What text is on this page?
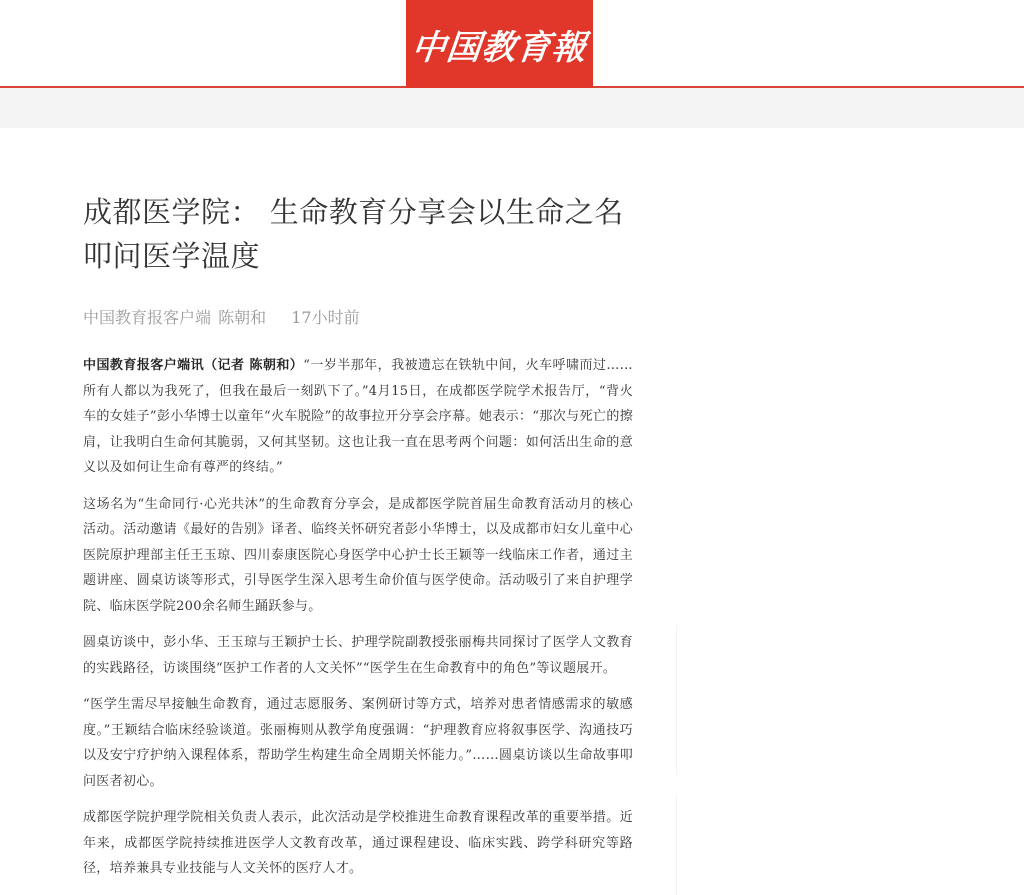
中国教育報
成都医学院： 生命教育分享会以生命之名叩问医学温度
中国教育报客户端 陈朝和 17小时前

中国教育报客户端讯（记者 陈朝和）“一岁半那年，我被遗忘在铁轨中间，火车呼啸而过……所有人都以为我死了，但我在最后一刻趴下了。”4月15日，在成都医学院学术报告厅，“背火车的女娃子”彭小华博士以童年“火车脱险”的故事拉开分享会序幕。她表示：“那次与死亡的擦肩，让我明白生命何其脆弱，又何其坚韧。这也让我一直在思考两个问题：如何活出生命的意义以及如何让生命有尊严的终结。”

这场名为“生命同行·心光共沐”的生命教育分享会，是成都医学院首届生命教育活动月的核心活动。活动邀请《最好的告别》译者、临终关怀研究者彭小华博士，以及成都市妇女儿童中心医院原护理部主任王玉琼、四川泰康医院心身医学中心护士长王颖等一线临床工作者，通过主题讲座、圆桌访谈等形式，引导医学生深入思考生命价值与医学使命。活动吸引了来自护理学院、临床医学院200余名师生踊跃参与。

圆桌访谈中，彭小华、王玉琼与王颖护士长、护理学院副教授张丽梅共同探讨了医学人文教育的实践路径，访谈围绕“医护工作者的人文关怀”“医学生在生命教育中的角色”等议题展开。

“医学生需尽早接触生命教育，通过志愿服务、案例研讨等方式，培养对患者情感需求的敏感度。”王颖结合临床经验谈道。张丽梅则从教学角度强调：“护理教育应将叙事医学、沟通技巧以及安宁疗护纳入课程体系，帮助学生构建生命全周期关怀能力。”……圆桌访谈以生命故事叩问医者初心。

成都医学院护理学院相关负责人表示，此次活动是学校推进生命教育课程改革的重要举措。近年来，成都医学院持续推进医学人文教育改革，通过课程建设、临床实践、跨学科研究等路径，培养兼具专业技能与人文关怀的医疗人才。
